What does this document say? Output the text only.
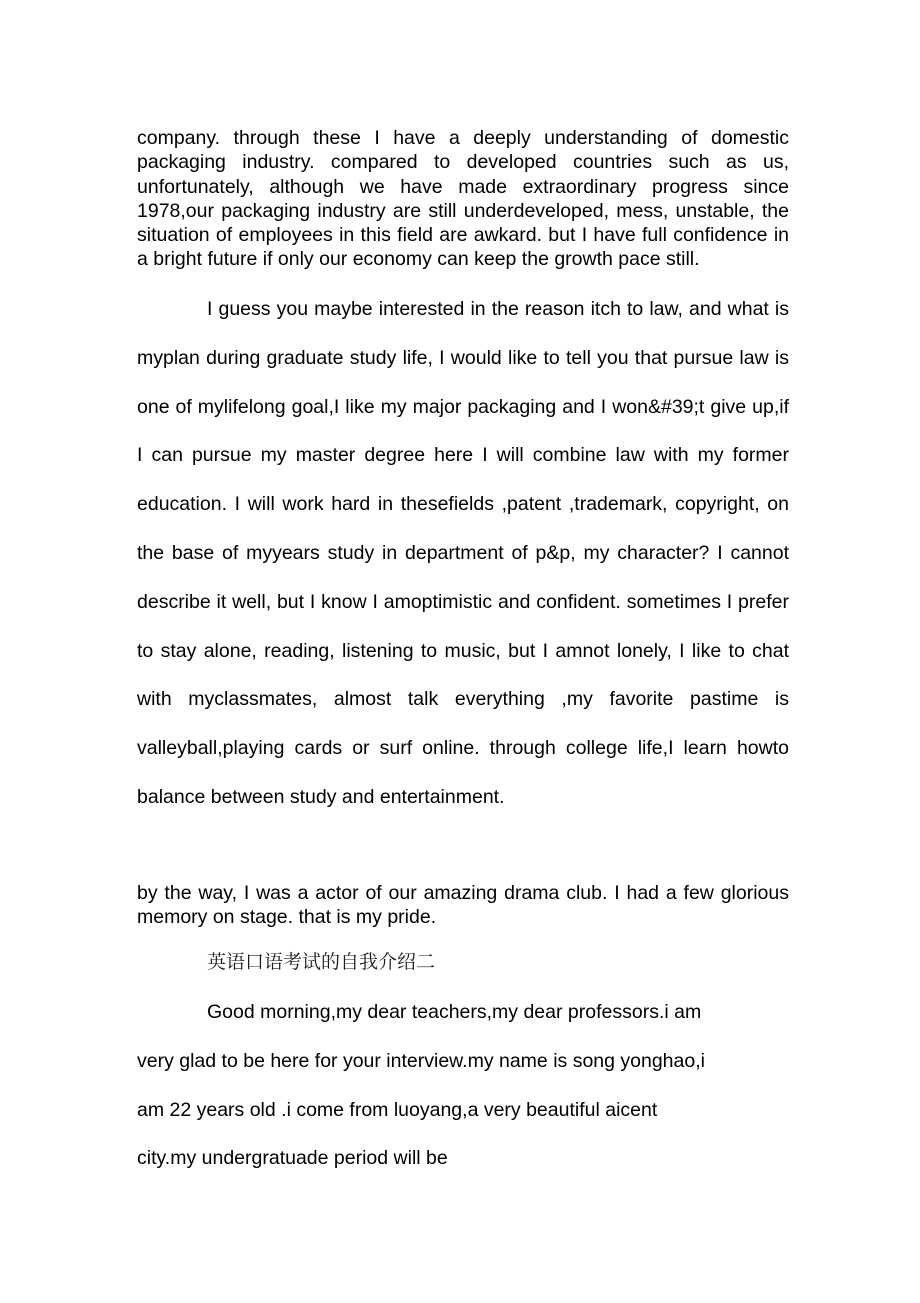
company. through these I have a deeply understanding of domestic packaging industry. compared to developed countries such as us, unfortunately, although we have made extraordinary progress since 1978,our packaging industry are still underdeveloped, mess, unstable, the situation of employees in this field are awkard. but I have full confidence in a bright future if only our economy can keep the growth pace still.

I guess you maybe interested in the reason itch to law, and what is myplan during graduate study life, I would like to tell you that pursue law is one of mylifelong goal,I like my major packaging and I won&#39;t give up,if I can pursue my master degree here I will combine law with my former education. I will work hard in thesefields ,patent ,trademark, copyright, on the base of myyears study in department of p&p, my character? I cannot describe it well, but I know I amoptimistic and confident. sometimes I prefer to stay alone, reading, listening to music, but I amnot lonely, I like to chat with myclassmates, almost talk everything ,my favorite pastime is valleyball,playing cards or surf online. through college life,I learn howto balance between study and entertainment.

by the way, I was a actor of our amazing drama club. I had a few glorious memory on stage. that is my pride.

英语口语考试的自我介绍二

Good morning,my dear teachers,my dear professors.i am very glad to be here for your interview.my name is song yonghao,i am 22 years old .i come from luoyang,a very beautiful aicent city.my undergratuade period will be
